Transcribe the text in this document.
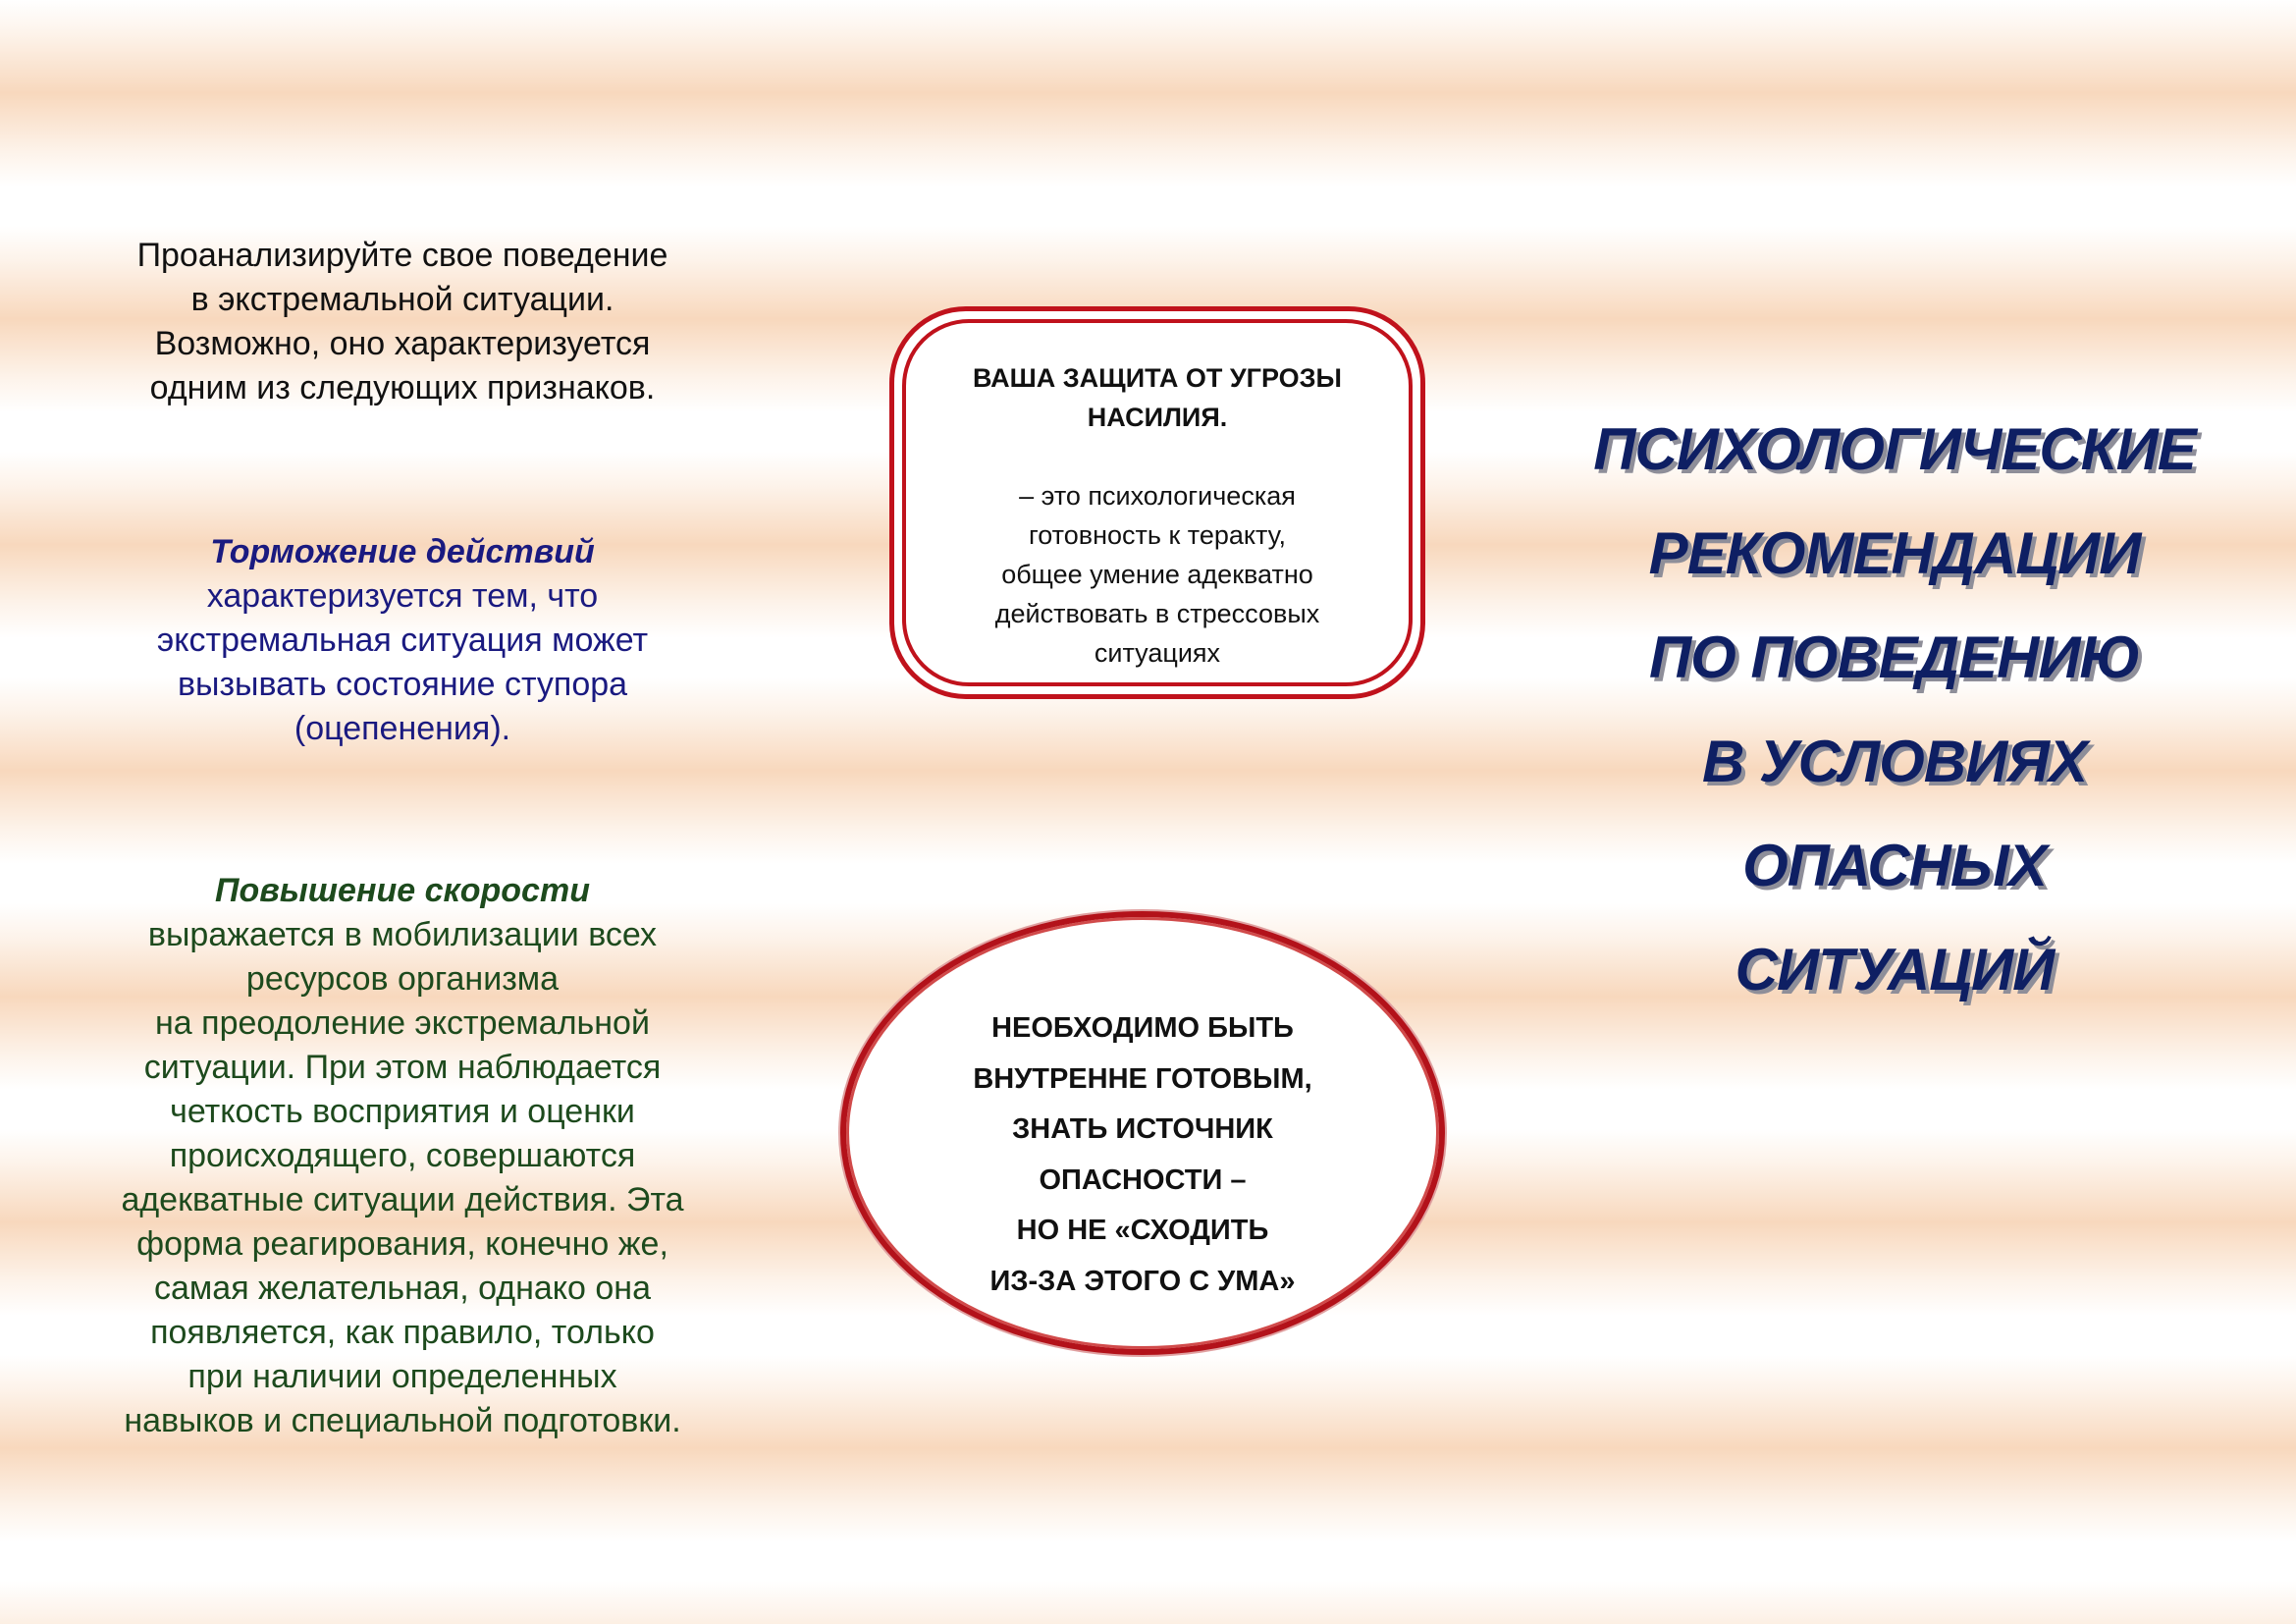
Проанализируйте свое поведение
в экстремальной ситуации.
Возможно, оно характеризуется
одним из следующих признаков.
Торможение действий
характеризуется тем, что
экстремальная ситуация может
вызывать состояние ступора
(оцепенения).
Повышение скорости
выражается в мобилизации всех
ресурсов организма
на преодоление экстремальной
ситуации. При этом наблюдается
четкость восприятия и оценки
происходящего, совершаются
адекватные ситуации действия. Эта
форма реагирования, конечно же,
самая желательная, однако она
появляется, как правило, только
при наличии определенных
навыков и специальной подготовки.
ВАША ЗАЩИТА ОТ УГРОЗЫ
НАСИЛИЯ.
– это психологическая
готовность к теракту,
общее умение адекватно
действовать в стрессовых
ситуациях
НЕОБХОДИМО БЫТЬ
ВНУТРЕННЕ ГОТОВЫМ,
ЗНАТЬ ИСТОЧНИК
ОПАСНОСТИ –
НО НЕ «СХОДИТЬ
ИЗ-ЗА ЭТОГО С УМА»
ПСИХОЛОГИЧЕСКИЕ
РЕКОМЕНДАЦИИ
ПО ПОВЕДЕНИЮ
В УСЛОВИЯХ
ОПАСНЫХ
СИТУАЦИЙ
